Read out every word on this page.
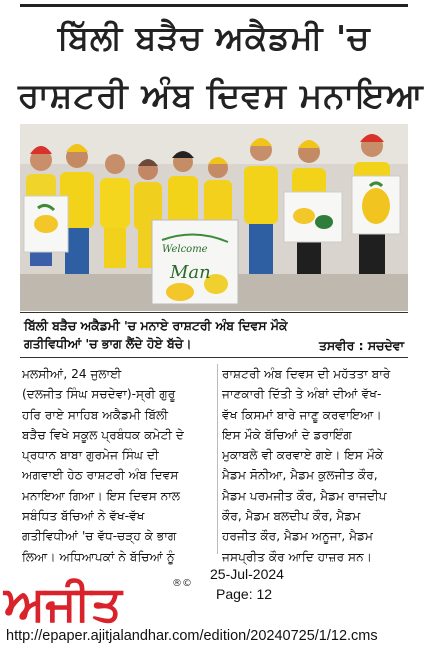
ਬਿੱਲੀ ਬੜੈਚ ਅਕੈਡਮੀ 'ਚ
ਰਾਸ਼ਟਰੀ ਅੰਬ ਦਿਵਸ ਮਨਾਇਆ
Welcome
Man
ਬਿੱਲੀ ਬੜੈਚ ਅਕੈਡਮੀ 'ਚ ਮਨਾਏ ਰਾਸ਼ਟਰੀ ਅੰਬ ਦਿਵਸ ਮੌਕੇ
ਗਤੀਵਿਧੀਆਂ 'ਚ ਭਾਗ ਲੈਂਦੇ ਹੋਏ ਬੱਚੇ।	ਤਸਵੀਰ : ਸਚਦੇਵਾ
ਮਲਸੀਆਂ, 24 ਜੁਲਾਈ
(ਦਲਜੀਤ ਸਿੰਘ ਸਚਦੇਵਾ)-ਸ੍ਰੀ ਗੁਰੂ
ਹਰਿ ਰਾਏ ਸਾਹਿਬ ਅਕੈਡਮੀ ਬਿੱਲੀ
ਬੜੈਚ ਵਿਖੇ ਸਕੂਲ ਪ੍ਰਬੰਧਕ ਕਮੇਟੀ ਦੇ
ਪ੍ਰਧਾਨ ਬਾਬਾ ਗੁਰਮੇਜ ਸਿੰਘ ਦੀ
ਅਗਵਾਈ ਹੇਠ ਰਾਸ਼ਟਰੀ ਅੰਬ ਦਿਵਸ
ਮਨਾਇਆ ਗਿਆ। ਇਸ ਦਿਵਸ ਨਾਲ
ਸਬੰਧਿਤ ਬੱਚਿਆਂ ਨੇ ਵੱਖ-ਵੱਖ
ਗਤੀਵਿਧੀਆਂ 'ਚ ਵੱਧ-ਚੜ੍ਹ ਕੇ ਭਾਗ
ਲਿਆ। ਅਧਿਆਪਕਾਂ ਨੇ ਬੱਚਿਆਂ ਨੂੰ
ਰਾਸ਼ਟਰੀ ਅੰਬ ਦਿਵਸ ਦੀ ਮਹੱਤਤਾ ਬਾਰੇ
ਜਾਣਕਾਰੀ ਦਿੱਤੀ ਤੇ ਅੰਬਾਂ ਦੀਆਂ ਵੱਖ-
ਵੱਖ ਕਿਸਮਾਂ ਬਾਰੇ ਜਾਣੂ ਕਰਵਾਇਆ।
ਇਸ ਮੌਕੇ ਬੱਚਿਆਂ ਦੇ ਡਰਾਇੰਗ
ਮੁਕਾਬਲੇ ਵੀ ਕਰਵਾਏ ਗਏ। ਇਸ ਮੌਕੇ
ਮੈਡਮ ਸੋਨੀਆ, ਮੈਡਮ ਕੁਲਜੀਤ ਕੌਰ,
ਮੈਡਮ ਪਰਮਜੀਤ ਕੌਰ, ਮੈਡਮ ਰਾਜਦੀਪ
ਕੌਰ, ਮੈਡਮ ਬਲਦੀਪ ਕੌਰ, ਮੈਡਮ
ਹਰਜੀਤ ਕੌਰ, ਮੈਡਮ ਅਨੂਜਾ, ਮੈਡਮ
ਜਸਪ੍ਰੀਤ ਕੌਰ ਆਦਿ ਹਾਜ਼ਰ ਸਨ।
ਅਜੀਤ	®©
25-Jul-2024
Page: 12
http://epaper.ajitjalandhar.com/edition/20240725/1/12.cms
